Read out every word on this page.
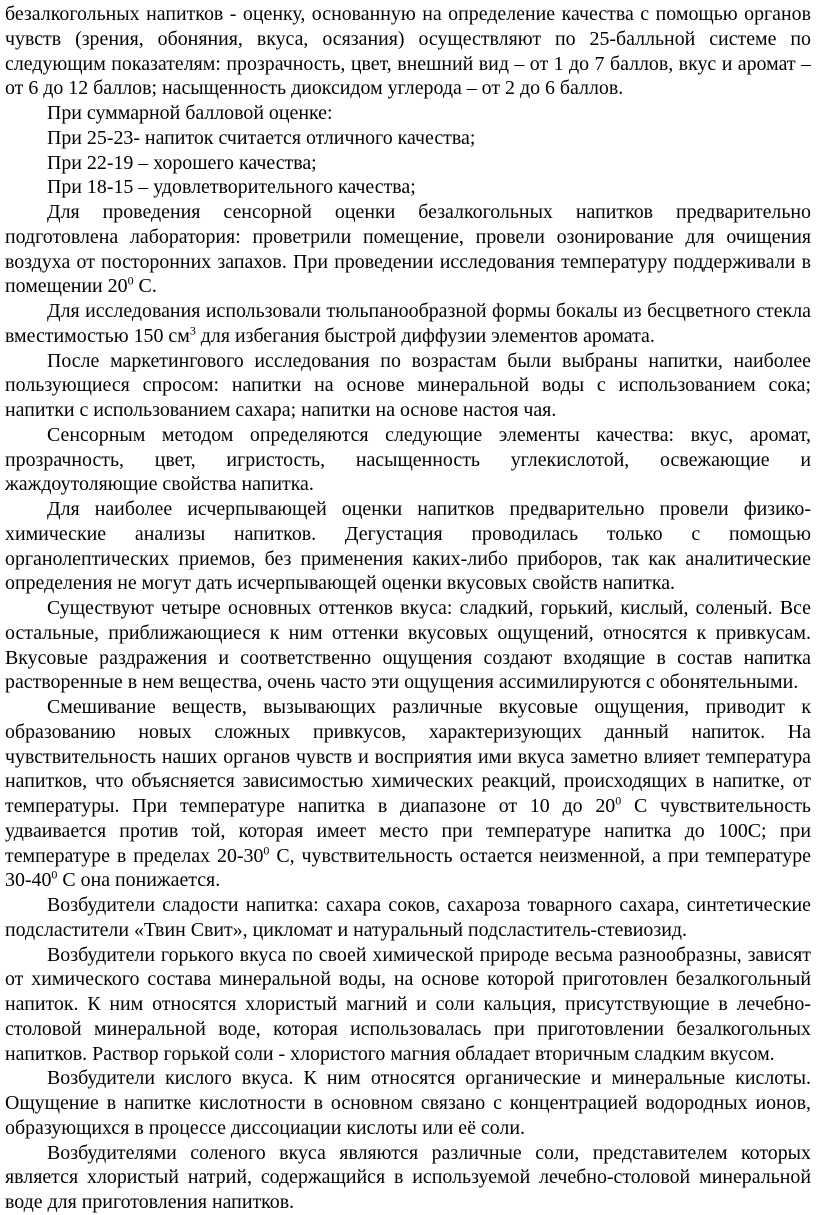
безалкогольных напитков - оценку, основанную на определение качества с помощью органов чувств (зрения, обоняния, вкуса, осязания) осуществляют по 25-балльной системе по следующим показателям: прозрачность, цвет, внешний вид – от 1 до 7 баллов, вкус и аромат – от 6 до 12 баллов; насыщенность диоксидом углерода – от 2 до 6 баллов.

При суммарной балловой оценке:

При 25-23- напиток считается отличного качества;

При 22-19 – хорошего качества;

При 18-15 – удовлетворительного качества;

Для проведения сенсорной оценки безалкогольных напитков предварительно подготовлена лаборатория: проветрили помещение, провели озонирование для очищения воздуха от посторонних запахов. При проведении исследования температуру поддерживали в помещении $20^0$ С.

Для исследования использовали тюльпанообразной формы бокалы из бесцветного стекла вместимостью 150 $см^3$ для избегания быстрой диффузии элементов аромата.

После маркетингового исследования по возрастам были выбраны напитки, наиболее пользующиеся спросом: напитки на основе минеральной воды с использованием сока; напитки с использованием сахара; напитки на основе настоя чая.

Сенсорным методом определяются следующие элементы качества: вкус, аромат, прозрачность, цвет, игристость, насыщенность углекислотой, освежающие и жаждоутоляющие свойства напитка.

Для наиболее исчерпывающей оценки напитков предварительно провели физико-химические анализы напитков. Дегустация проводилась только с помощью органолептических приемов, без применения каких-либо приборов, так как аналитические определения не могут дать исчерпывающей оценки вкусовых свойств напитка.

Существуют четыре основных оттенков вкуса: сладкий, горький, кислый, соленый. Все остальные, приближающиеся к ним оттенки вкусовых ощущений, относятся к привкусам. Вкусовые раздражения и соответственно ощущения создают входящие в состав напитка растворенные в нем вещества, очень часто эти ощущения ассимилируются с обонятельными.

Смешивание веществ, вызывающих различные вкусовые ощущения, приводит к образованию новых сложных привкусов, характеризующих данный напиток. На чувствительность наших органов чувств и восприятия ими вкуса заметно влияет температура напитков, что объясняется зависимостью химических реакций, происходящих в напитке, от температуры. При температуре напитка в диапазоне от 10 до $20^0$ С чувствительность удваивается против той, которая имеет место при температуре напитка до 100С; при температуре в пределах $20-30^0$ С, чувствительность остается неизменной, а при температуре $30-40^0$ С она понижается.

Возбудители сладости напитка: сахара соков, сахароза товарного сахара, синтетические подсластители «Твин Свит», цикломат и натуральный подсластитель-стевиозид.

Возбудители горького вкуса по своей химической природе весьма разнообразны, зависят от химического состава минеральной воды, на основе которой приготовлен безалкогольный напиток. К ним относятся хлористый магний и соли кальция, присутствующие в лечебно-столовой минеральной воде, которая использовалась при приготовлении безалкогольных напитков. Раствор горькой соли - хлористого магния обладает вторичным сладким вкусом.

Возбудители кислого вкуса. К ним относятся органические и минеральные кислоты. Ощущение в напитке кислотности в основном связано с концентрацией водородных ионов, образующихся в процессе диссоциации кислоты или её соли.

Возбудителями соленого вкуса являются различные соли, представителем которых является хлористый натрий, содержащийся в используемой лечебно-столовой минеральной воде для приготовления напитков.
